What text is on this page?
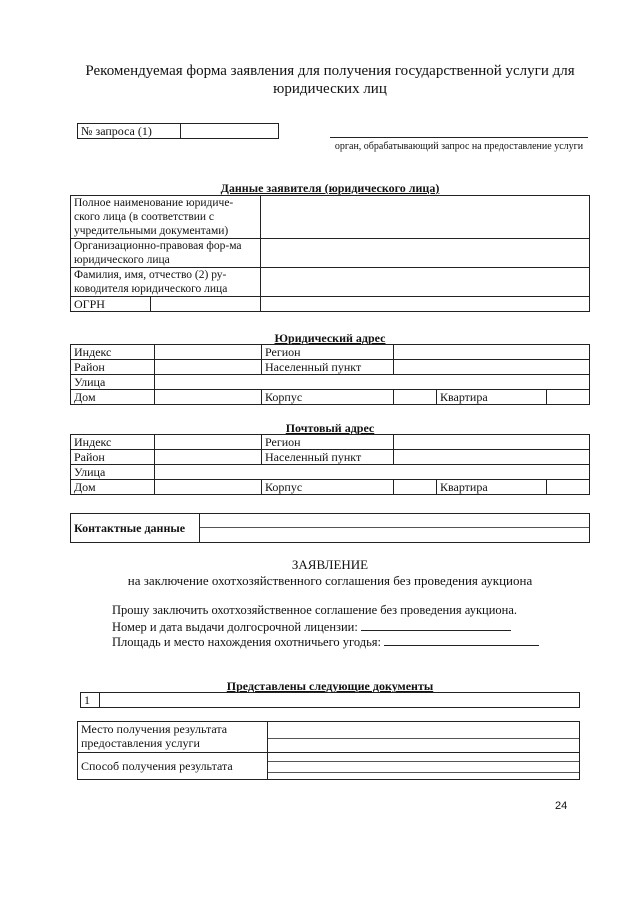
Рекомендуемая форма заявления для получения государственной услуги для юридических лиц
№ запроса (1)	
орган, обрабатывающий запрос на предоставление услуги
Данные заявителя (юридического лица)
Полное наименование юридиче-ского лица (в соответствии с учредительными документами)	
Организационно-правовая фор-ма юридического лица	
Фамилия, имя, отчество (2) ру-ководителя юридического лица	

ОГРН	

Юридический адрес
Индекс		Регион			
Район		Населенный пункт			
Улица					
Дом		Корпус		Квартира	
Почтовый адрес
Индекс		Регион			
Район		Населенный пункт			
Улица					
Дом		Корпус		Квартира	
Контактные данные	
ЗАЯВЛЕНИЕ
на заключение охотхозяйственного соглашения без проведения аукциона
Прошу заключить охотхозяйственное соглашение без проведения аукциона.
Номер и дата выдачи долгосрочной лицензии:
Площадь и место нахождения охотничьего угодья:
Представлены следующие документы
1	
Место получения результата предоставления услуги	

Способ получения результата	
24
